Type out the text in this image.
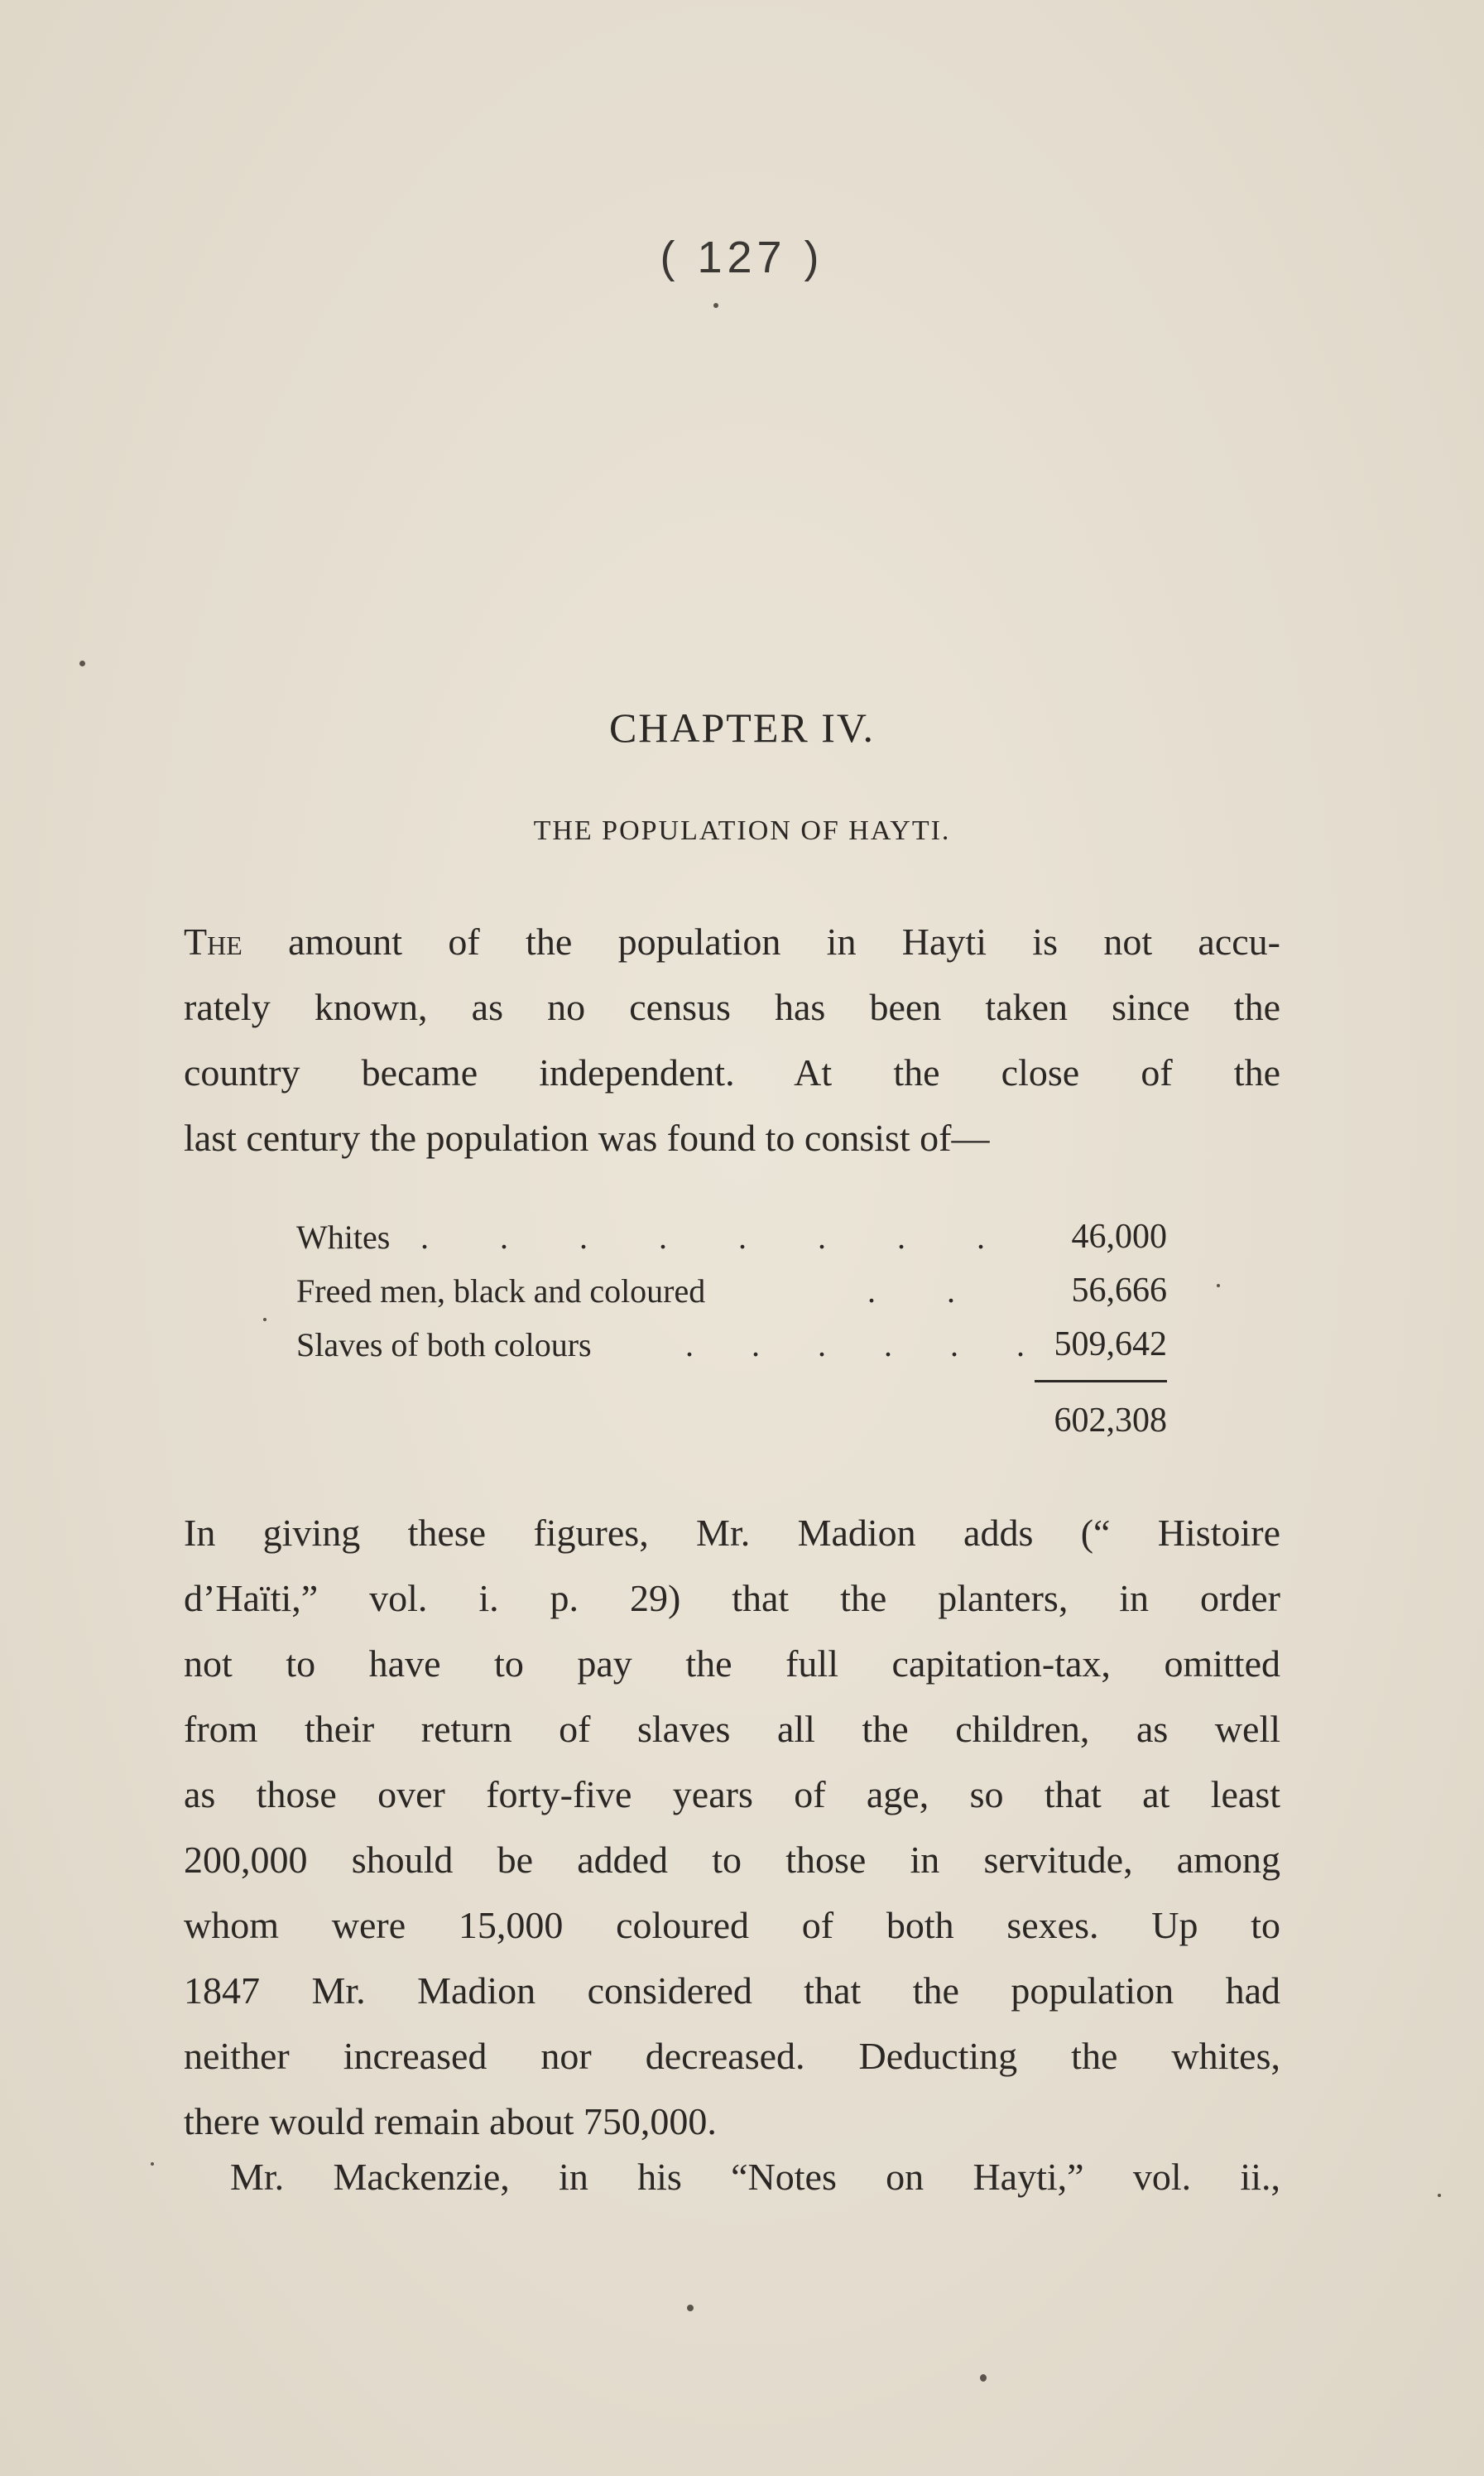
( 127 )
CHAPTER IV.
THE POPULATION OF HAYTI.
The amount of the population in Hayti is not accu-
rately known, as no census has been taken since the
country became independent. At the close of the
last century the population was found to consist of—
Whites . . . . . . . . 46,000
Freed men, black and coloured	. . 56,666
Slaves of both colours	. . . . . . 509,642
602,308
In giving these figures, Mr. Madion adds (“ Histoire
d’Haïti,” vol. i. p. 29) that the planters, in order
not to have to pay the full capitation-tax, omitted
from their return of slaves all the children, as well
as those over forty-five years of age, so that at least
200,000 should be added to those in servitude, among
whom were 15,000 coloured of both sexes. Up to
1847 Mr. Madion considered that the population had
neither increased nor decreased. Deducting the whites,
there would remain about 750,000.
Mr. Mackenzie, in his “Notes on Hayti,” vol. ii.,
